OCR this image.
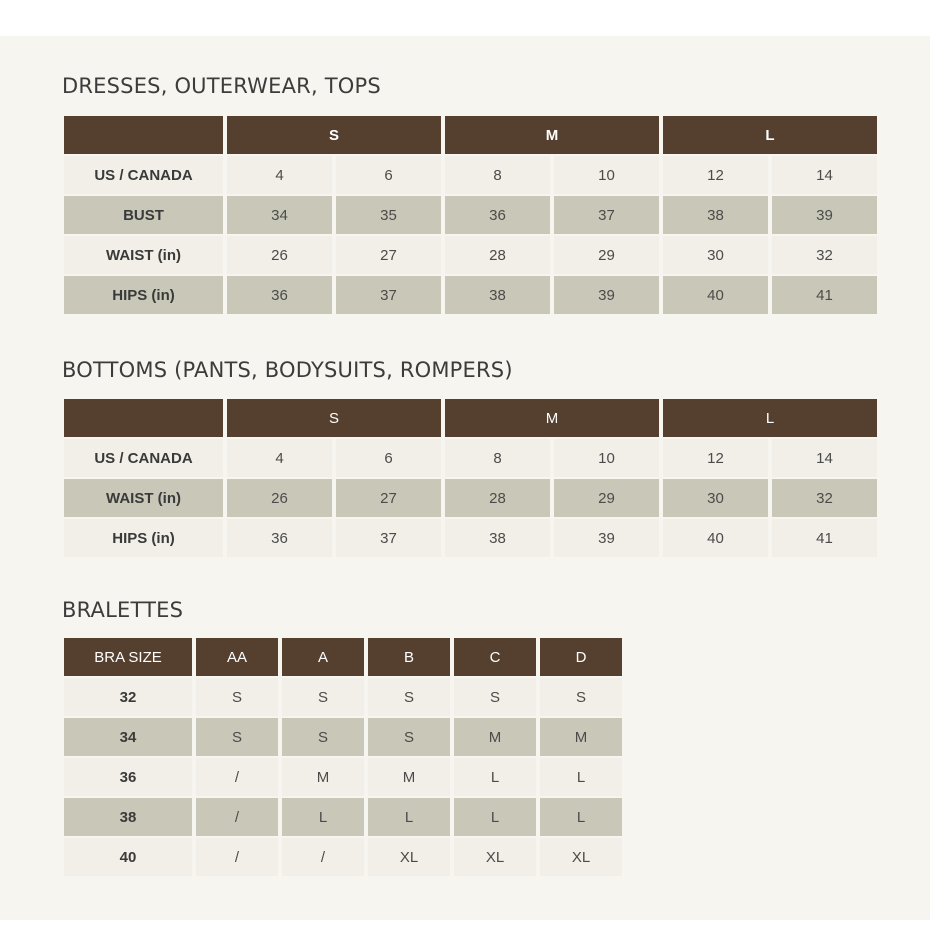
DRESSES, OUTERWEAR, TOPS
	S		M		L	
US / CANADA	4	6	8	10	12	14
BUST	34	35	36	37	38	39
WAIST (in)	26	27	28	29	30	32
HIPS (in)	36	37	38	39	40	41
BOTTOMS (PANTS, BODYSUITS, ROMPERS)
	S		M		L	
US / CANADA	4	6	8	10	12	14
WAIST (in)	26	27	28	29	30	32
HIPS (in)	36	37	38	39	40	41
BRALETTES
BRA SIZE	AA	A	B	C	D
32	S	S	S	S	S
34	S	S	S	M	M
36	/	M	M	L	L
38	/	L	L	L	L
40	/	/	XL	XL	XL
